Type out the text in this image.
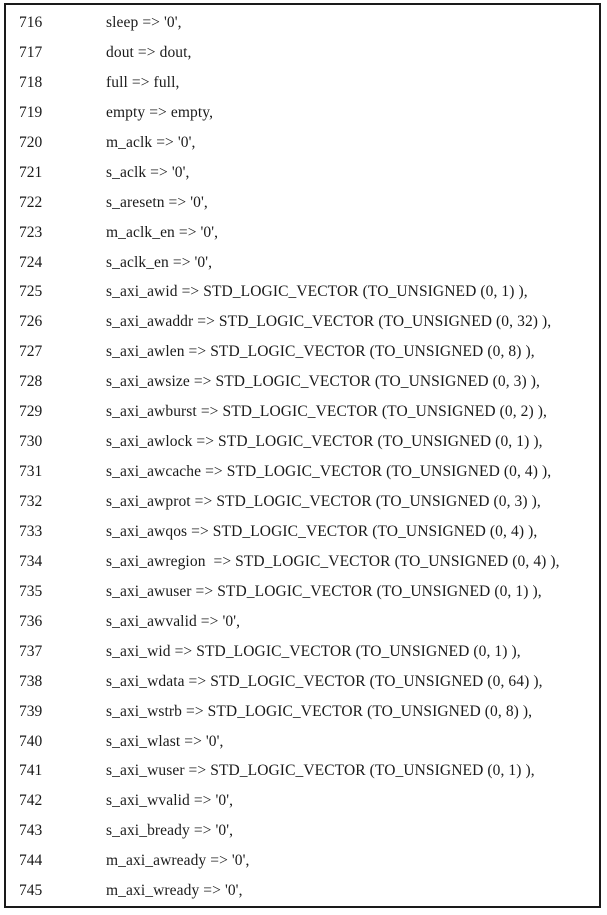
716	sleep => '0',
717	dout => dout,
718	full => full,
719	empty => empty,
720	m_aclk => '0',
721	s_aclk => '0',
722	s_aresetn => '0',
723	m_aclk_en => '0',
724	s_aclk_en => '0',
725	s_axi_awid => STD_LOGIC_VECTOR (TO_UNSIGNED (0, 1) ),
726	s_axi_awaddr => STD_LOGIC_VECTOR (TO_UNSIGNED (0, 32) ),
727	s_axi_awlen => STD_LOGIC_VECTOR (TO_UNSIGNED (0, 8) ),
728	s_axi_awsize => STD_LOGIC_VECTOR (TO_UNSIGNED (0, 3) ),
729	s_axi_awburst => STD_LOGIC_VECTOR (TO_UNSIGNED (0, 2) ),
730	s_axi_awlock => STD_LOGIC_VECTOR (TO_UNSIGNED (0, 1) ),
731	s_axi_awcache => STD_LOGIC_VECTOR (TO_UNSIGNED (0, 4) ),
732	s_axi_awprot => STD_LOGIC_VECTOR (TO_UNSIGNED (0, 3) ),
733	s_axi_awqos => STD_LOGIC_VECTOR (TO_UNSIGNED (0, 4) ),
734	s_axi_awregion  => STD_LOGIC_VECTOR (TO_UNSIGNED (0, 4) ),
735	s_axi_awuser => STD_LOGIC_VECTOR (TO_UNSIGNED (0, 1) ),
736	s_axi_awvalid => '0',
737	s_axi_wid => STD_LOGIC_VECTOR (TO_UNSIGNED (0, 1) ),
738	s_axi_wdata => STD_LOGIC_VECTOR (TO_UNSIGNED (0, 64) ),
739	s_axi_wstrb => STD_LOGIC_VECTOR (TO_UNSIGNED (0, 8) ),
740	s_axi_wlast => '0',
741	s_axi_wuser => STD_LOGIC_VECTOR (TO_UNSIGNED (0, 1) ),
742	s_axi_wvalid => '0',
743	s_axi_bready => '0',
744	m_axi_awready => '0',
745	m_axi_wready => '0',
